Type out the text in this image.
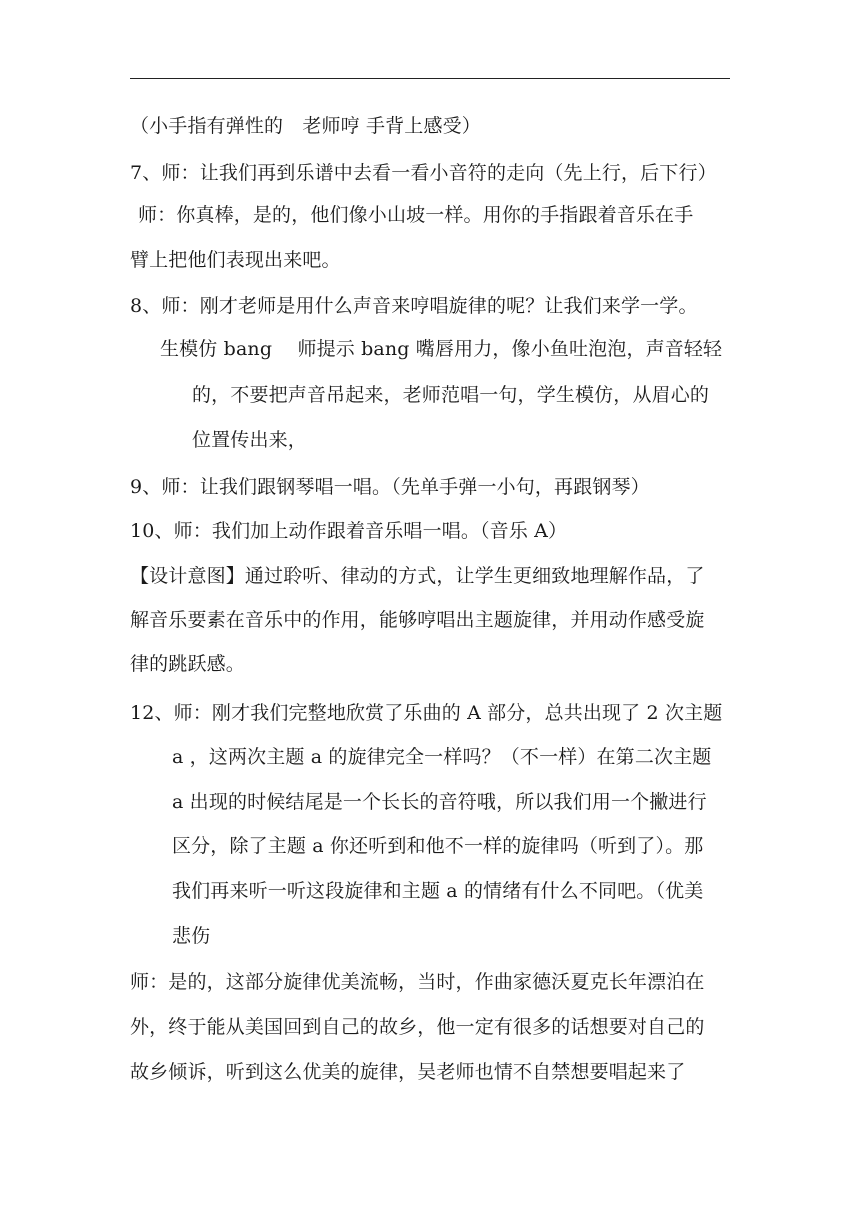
（小手指有弹性的　老师哼 手背上感受）
7、师：让我们再到乐谱中去看一看小音符的走向（先上行，后下行）
师：你真棒，是的，他们像小山坡一样。用你的手指跟着音乐在手
臂上把他们表现出来吧。
8、师：刚才老师是用什么声音来哼唱旋律的呢？让我们来学一学。
生模仿 bang　 师提示 bang 嘴唇用力，像小鱼吐泡泡，声音轻轻
的，不要把声音吊起来，老师范唱一句，学生模仿，从眉心的
位置传出来，
9、师：让我们跟钢琴唱一唱。（先单手弹一小句，再跟钢琴）
10、师：我们加上动作跟着音乐唱一唱。（音乐 A）
【设计意图】通过聆听、律动的方式，让学生更细致地理解作品，了
解音乐要素在音乐中的作用，能够哼唱出主题旋律，并用动作感受旋
律的跳跃感。
12、师：刚才我们完整地欣赏了乐曲的 A 部分，总共出现了 2 次主题
a ，这两次主题 a 的旋律完全一样吗？（不一样）在第二次主题
a 出现的时候结尾是一个长长的音符哦，所以我们用一个撇进行
区分，除了主题 a 你还听到和他不一样的旋律吗（听到了）。那
我们再来听一听这段旋律和主题 a 的情绪有什么不同吧。（优美
悲伤
师：是的，这部分旋律优美流畅，当时，作曲家德沃夏克长年漂泊在
外，终于能从美国回到自己的故乡，他一定有很多的话想要对自己的
故乡倾诉，听到这么优美的旋律，吴老师也情不自禁想要唱起来了
